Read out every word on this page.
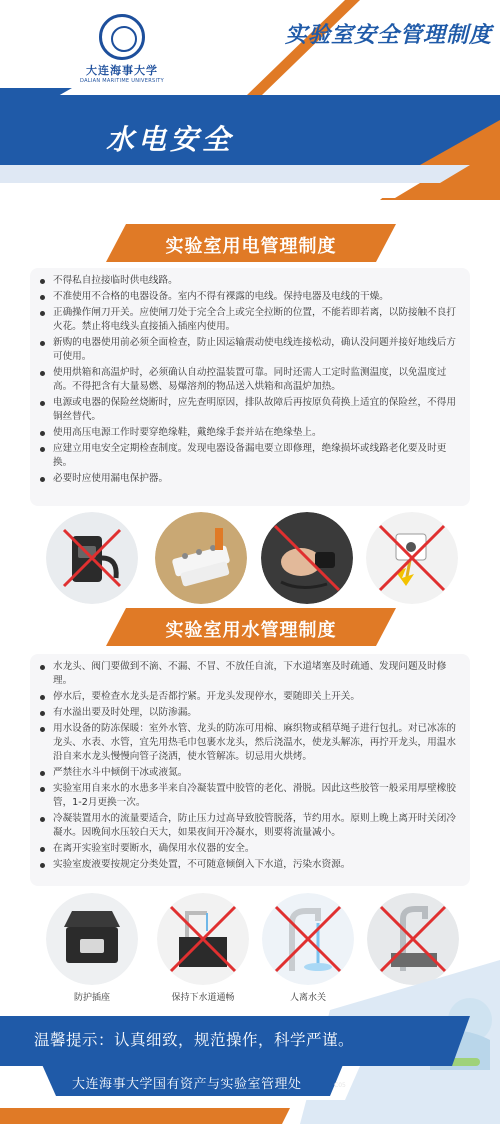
大连海事大学
DALIAN MARITIME UNIVERSITY
实验室安全管理制度
水电安全
实验室用电管理制度
不得私自拉接临时供电线路。
不准使用不合格的电器设备。室内不得有裸露的电线。保持电器及电线的干燥。
正确操作闸刀开关。应使闸刀处于完全合上或完全拉断的位置，不能若即若离，以防接触不良打火花。禁止将电线头直接插入插座内使用。
新购的电器使用前必须全面检查，防止因运输震动使电线连接松动，确认没问题并接好地线后方可使用。
使用烘箱和高温炉时，必须确认自动控温装置可靠。同时还需人工定时监测温度，以免温度过高。不得把含有大量易燃、易爆溶剂的物品送入烘箱和高温炉加热。
电源或电器的保险丝烧断时，应先查明原因，排队故障后再按原负荷换上适宜的保险丝，不得用铜丝替代。
使用高压电源工作时要穿绝缘鞋，戴绝缘手套并站在绝缘垫上。
应建立用电安全定期检查制度。发现电器设备漏电要立即修理，绝缘损坏或线路老化要及时更换。
必要时应使用漏电保护器。
实验室用水管理制度
水龙头、阀门要做到不滴、不漏、不冒、不放任自流，下水道堵塞及时疏通、发现问题及时修理。
停水后，要检查水龙头是否都拧紧。开龙头发现停水，要随即关上开关。
有水溢出要及时处理，以防渗漏。
用水设备的防冻保暖：室外水管、龙头的防冻可用棉、麻织物或稻草绳子进行包扎。对已冰冻的龙头、水表、水管，宜先用热毛巾包裹水龙头，然后浇温水，使龙头解冻，再拧开龙头，用温水沿自来水龙头慢慢向管子浇洒，使水管解冻。切忌用火烘烤。
严禁往水斗中倾倒干冰或液氮。
实验室用自来水的水患多半来自冷凝装置中胶管的老化、滑脱。因此这些胶管一般采用厚壁橡胶管，1-2月更换一次。
冷凝装置用水的流量要适合，防止压力过高导致胶管脱落，节约用水。原则上晚上离开时关闭冷凝水。因晚间水压较白天大，如果夜间开冷凝水，则要将流量减小。
在离开实验室时要断水，确保用水仪器的安全。
实验室废液要按规定分类处置，不可随意倾倒入下水道，污染水资源。
防护插座	保持下水道通畅	人离水关
温馨提示：认真细致，规范操作，科学严谨。
大连海事大学国有资产与实验室管理处	C05
